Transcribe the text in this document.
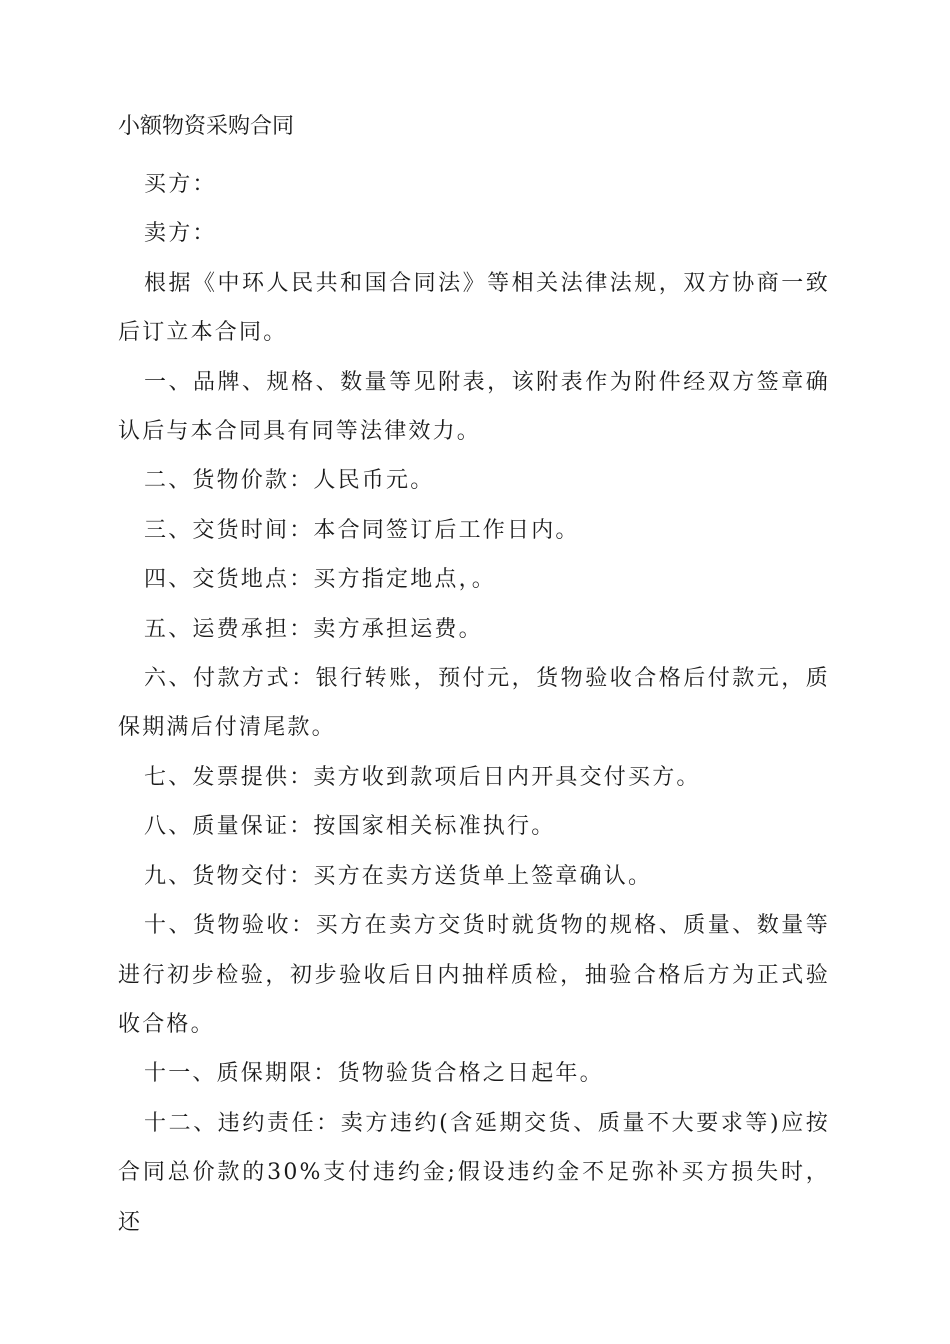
小额物资采购合同

买方：

卖方：

根据《中环人民共和国合同法》等相关法律法规，双方协商一致后订立本合同。

一、品牌、规格、数量等见附表，该附表作为附件经双方签章确认后与本合同具有同等法律效力。

二、货物价款：人民币元。

三、交货时间：本合同签订后工作日内。

四、交货地点：买方指定地点，。

五、运费承担：卖方承担运费。

六、付款方式：银行转账，预付元，货物验收合格后付款元，质保期满后付清尾款。

七、发票提供：卖方收到款项后日内开具交付买方。

八、质量保证：按国家相关标准执行。

九、货物交付：买方在卖方送货单上签章确认。

十、货物验收：买方在卖方交货时就货物的规格、质量、数量等进行初步检验，初步验收后日内抽样质检，抽验合格后方为正式验收合格。

十一、质保期限：货物验货合格之日起年。

十二、违约责任：卖方违约(含延期交货、质量不大要求等)应按合同总价款的30%支付违约金;假设违约金不足弥补买方损失时，还
